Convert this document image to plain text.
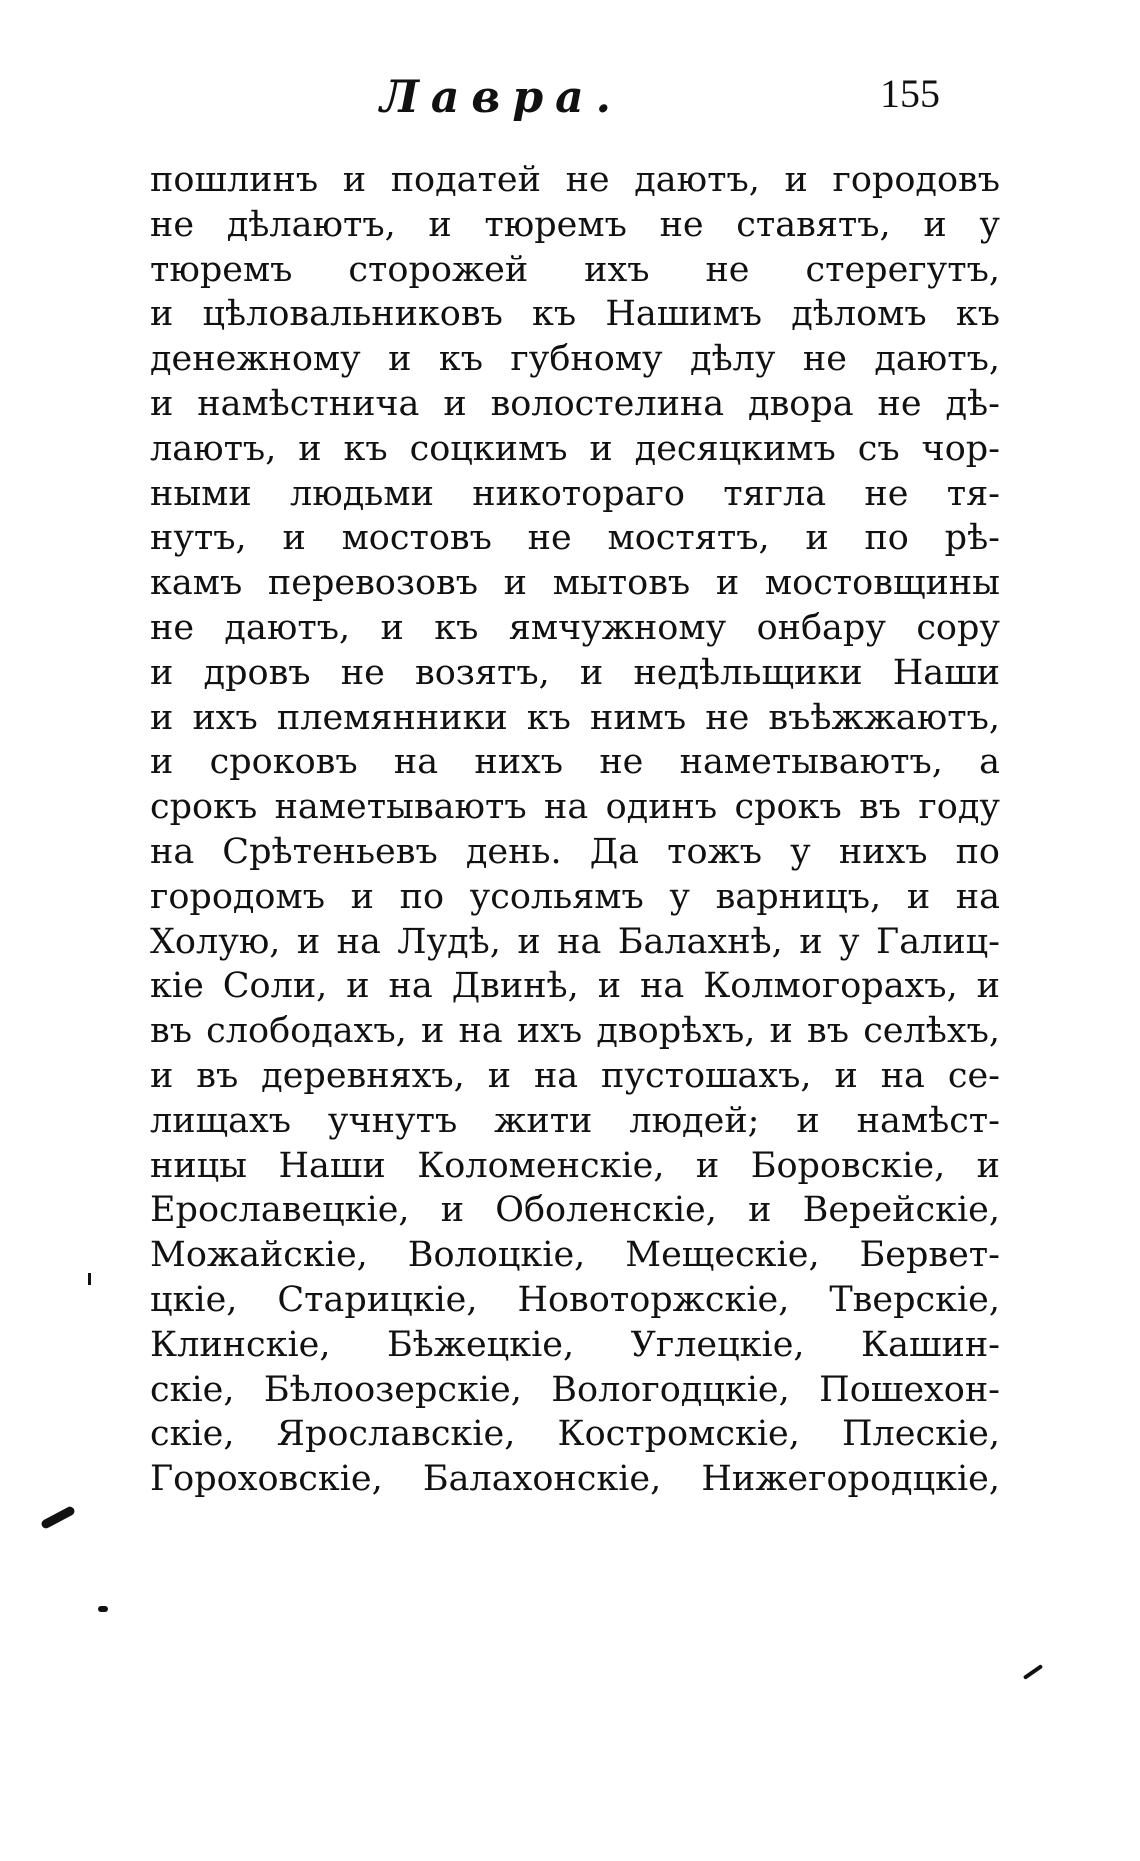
Лавра.	155
пошлинъ и податей не даютъ, и городовъ
не дѣлаютъ, и тюремъ не ставятъ, и у
тюремъ сторожей ихъ не стерегутъ,
и цѣловальниковъ къ Нашимъ дѣломъ къ
денежному и къ губному дѣлу не даютъ,
и намѣстнича и волостелина двора не дѣ-
лаютъ, и къ соцкимъ и десяцкимъ съ чор-
ными людьми никотораго тягла не тя-
нутъ, и мостовъ не мостятъ, и по рѣ-
камъ перевозовъ и мытовъ и мостовщины
не даютъ, и къ ямчужному онбару сору
и дровъ не возятъ, и недѣльщики Наши
и ихъ племянники къ нимъ не въѣжжаютъ,
и сроковъ на нихъ не наметываютъ, а
срокъ наметываютъ на одинъ срокъ въ году
на Срѣтеньевъ день. Да тожъ у нихъ по
городомъ и по усольямъ у варницъ, и на
Холую, и на Лудѣ, и на Балахнѣ, и у Галиц-
кіе Соли, и на Двинѣ, и на Колмогорахъ, и
въ слободахъ, и на ихъ дворѣхъ, и въ селѣхъ,
и въ деревняхъ, и на пустошахъ, и на се-
лищахъ учнутъ жити людей; и намѣст-
ницы Наши Коломенскіе, и Боровскіе, и
Ерославецкіе, и Оболенскіе, и Верейскіе,
Можайскіе, Волоцкіе, Мещескіе, Бервет-
цкіе, Старицкіе, Новоторжскіе, Тверскіе,
Клинскіе, Бѣжецкіе, Углецкіе, Кашин-
скіе, Бѣлоозерскіе, Вологодцкіе, Пошехон-
скіе, Ярославскіе, Костромскіе, Плескіе,
Гороховскіе, Балахонскіе, Нижегородцкіе,
